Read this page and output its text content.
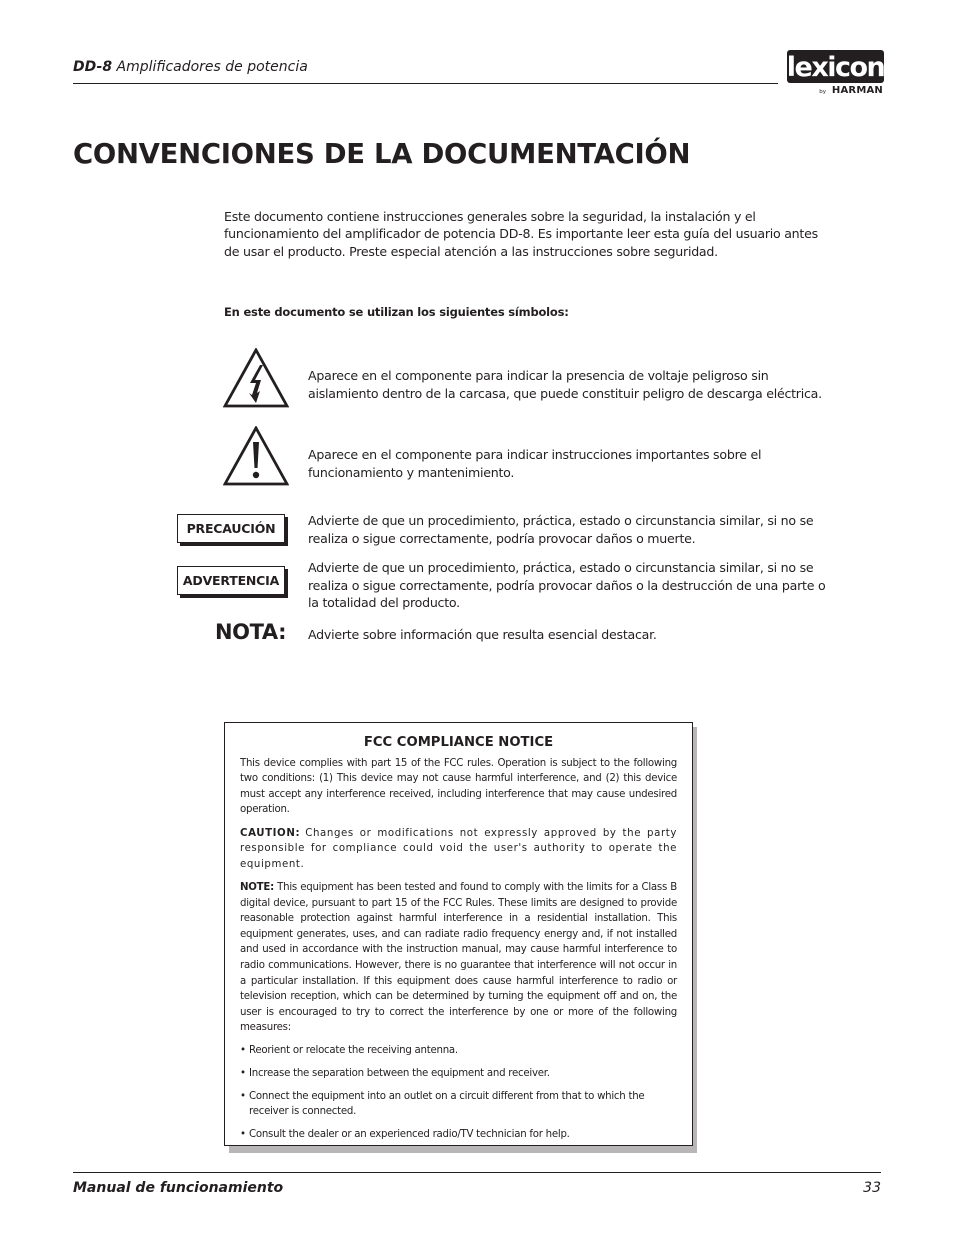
DD-8 Amplificadores de potencia	lexicon
by HARMAN
CONVENCIONES DE LA DOCUMENTACIÓN
Este documento contiene instrucciones generales sobre la seguridad, la instalación y el funcionamiento del amplificador de potencia DD-8. Es importante leer esta guía del usuario antes de usar el producto. Preste especial atención a las instrucciones sobre seguridad.
En este documento se utilizan los siguientes símbolos:
Aparece en el componente para indicar la presencia de voltaje peligroso sin aislamiento dentro de la carcasa, que puede constituir peligro de descarga eléctrica.
Aparece en el componente para indicar instrucciones importantes sobre el funcionamiento y mantenimiento.
PRECAUCIÓN
Advierte de que un procedimiento, práctica, estado o circunstancia similar, si no se realiza o sigue correctamente, podría provocar daños o muerte.
ADVERTENCIA
Advierte de que un procedimiento, práctica, estado o circunstancia similar, si no se realiza o sigue correctamente, podría provocar daños o la destrucción de una parte o la totalidad del producto.
NOTA: Advierte sobre información que resulta esencial destacar.
FCC COMPLIANCE NOTICE

This device complies with part 15 of the FCC rules. Operation is subject to the following two conditions: (1) This device may not cause harmful interference, and (2) this device must accept any interference received, including interference that may cause undesired operation.

CAUTION: Changes or modifications not expressly approved by the party responsible for compliance could void the user's authority to operate the equipment.

NOTE: This equipment has been tested and found to comply with the limits for a Class B digital device, pursuant to part 15 of the FCC Rules. These limits are designed to provide reasonable protection against harmful interference in a residential installation. This equipment generates, uses, and can radiate radio frequency energy and, if not installed and used in accordance with the instruction manual, may cause harmful interference to radio communications. However, there is no guarantee that interference will not occur in a particular installation. If this equipment does cause harmful interference to radio or television reception, which can be determined by turning the equipment off and on, the user is encouraged to try to correct the interference by one or more of the following measures:

• Reorient or relocate the receiving antenna.
• Increase the separation between the equipment and receiver.
• Connect the equipment into an outlet on a circuit different from that to which the receiver is connected.
• Consult the dealer or an experienced radio/TV technician for help.
Manual de funcionamiento	33
